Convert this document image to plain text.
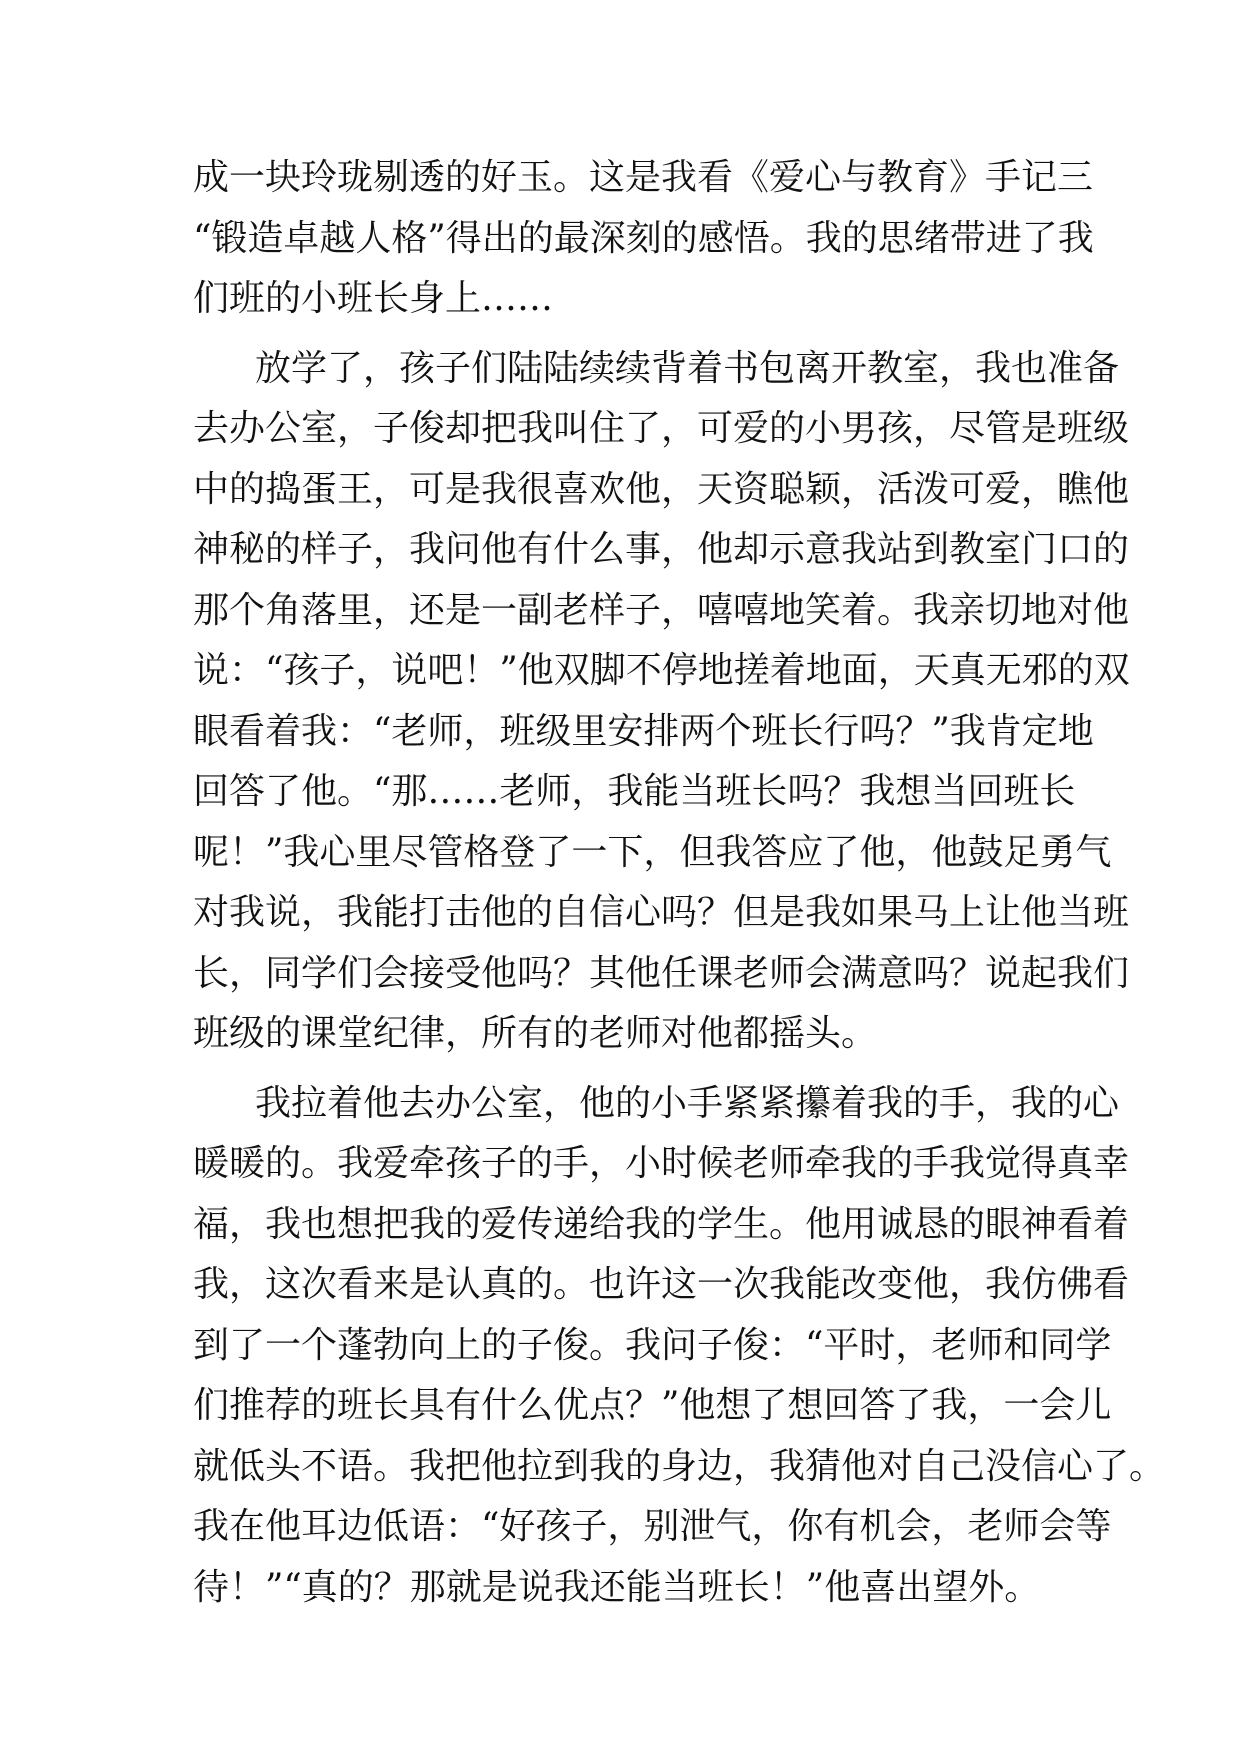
成一块玲珑剔透的好玉。这是我看《爱心与教育》手记三
“锻造卓越人格”得出的最深刻的感悟。我的思绪带进了我
们班的小班长身上……
放学了，孩子们陆陆续续背着书包离开教室，我也准备
去办公室，子俊却把我叫住了，可爱的小男孩，尽管是班级
中的捣蛋王，可是我很喜欢他，天资聪颖，活泼可爱，瞧他
神秘的样子，我问他有什么事，他却示意我站到教室门口的
那个角落里，还是一副老样子，嘻嘻地笑着。我亲切地对他
说：“孩子，说吧！”他双脚不停地搓着地面，天真无邪的双
眼看着我：“老师，班级里安排两个班长行吗？”我肯定地
回答了他。“那……老师，我能当班长吗？我想当回班长
呢！”我心里尽管格登了一下，但我答应了他，他鼓足勇气
对我说，我能打击他的自信心吗？但是我如果马上让他当班
长，同学们会接受他吗？其他任课老师会满意吗？说起我们
班级的课堂纪律，所有的老师对他都摇头。
我拉着他去办公室，他的小手紧紧攥着我的手，我的心
暖暖的。我爱牵孩子的手，小时候老师牵我的手我觉得真幸
福，我也想把我的爱传递给我的学生。他用诚恳的眼神看着
我，这次看来是认真的。也许这一次我能改变他，我仿佛看
到了一个蓬勃向上的子俊。我问子俊：“平时，老师和同学
们推荐的班长具有什么优点？”他想了想回答了我，一会儿
就低头不语。我把他拉到我的身边，我猜他对自己没信心了。
我在他耳边低语：“好孩子，别泄气，你有机会，老师会等
待！”“真的？那就是说我还能当班长！”他喜出望外。
